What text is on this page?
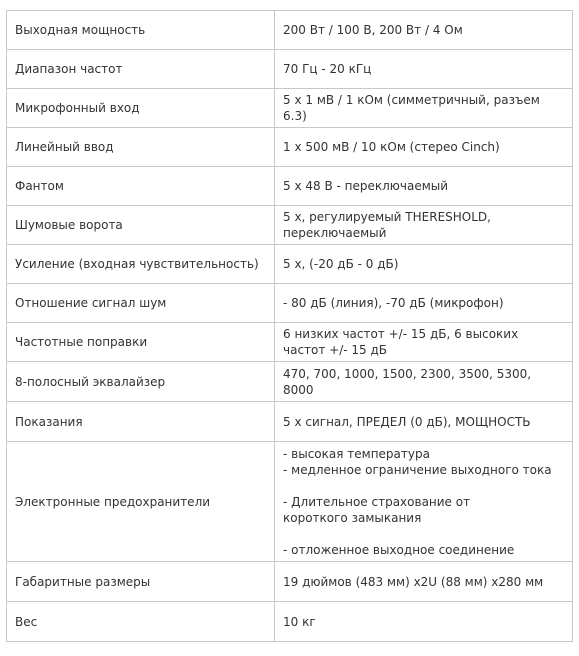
Выходная мощность	200 Вт / 100 В, 200 Вт / 4 Ом
Диапазон частот	70 Гц - 20 кГц
Микрофонный вход	5 x 1 мВ / 1 кОм (симметричный, разъем 6.3)
Линейный ввод	1 x 500 мВ / 10 кОм (стерео Cinch)
Фантом	5 x 48 В - переключаемый
Шумовые ворота	5 x, регулируемый THERESHOLD, переключаемый
Усиление (входная чувствительность)	5 x, (-20 дБ - 0 дБ)
Отношение сигнал шум	- 80 дБ (линия), -70 дБ (микрофон)
Частотные поправки	6 низких частот +/- 15 дБ, 6 высоких частот +/- 15 дБ
8-полосный эквалайзер	470, 700, 1000, 1500, 2300, 3500, 5300, 8000
Показания	5 x сигнал, ПРЕДЕЛ (0 дБ), МОЩНОСТЬ
Электронные предохранители	- высокая температура
- медленное ограничение выходного тока
- Длительное страхование от короткого замыкания
- отложенное выходное соединение

Габаритные размеры	19 дюймов (483 мм) x2U (88 мм) x280 мм
Вес	10 кг
